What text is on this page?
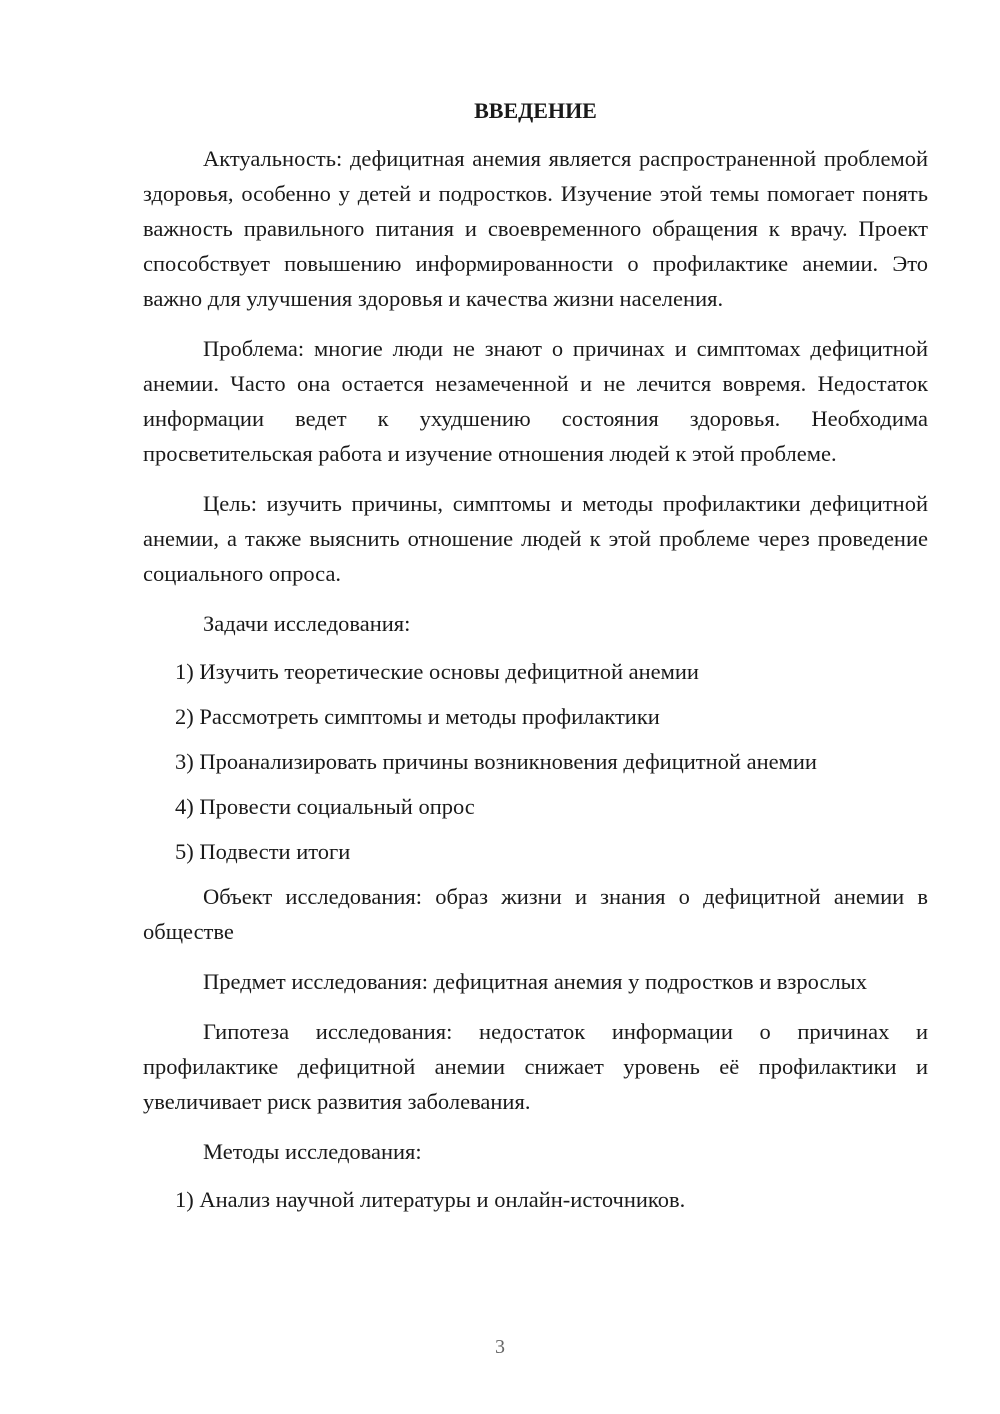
ВВЕДЕНИЕ

Актуальность: дефицитная анемия является распространенной проблемой здоровья, особенно у детей и подростков. Изучение этой темы помогает понять важность правильного питания и своевременного обращения к врачу. Проект способствует повышению информированности о профилактике анемии. Это важно для улучшения здоровья и качества жизни населения.

Проблема: многие люди не знают о причинах и симптомах дефицитной анемии. Часто она остается незамеченной и не лечится вовремя. Недостаток информации ведет к ухудшению состояния здоровья. Необходима просветительская работа и изучение отношения людей к этой проблеме.

Цель: изучить причины, симптомы и методы профилактики дефицитной анемии, а также выяснить отношение людей к этой проблеме через проведение социального опроса.

Задачи исследования:

1) Изучить теоретические основы дефицитной анемии
2) Рассмотреть симптомы и методы профилактики
3) Проанализировать причины возникновения дефицитной анемии
4) Провести социальный опрос
5) Подвести итоги

Объект исследования: образ жизни и знания о дефицитной анемии в обществе

Предмет исследования: дефицитная анемия у подростков и взрослых

Гипотеза исследования: недостаток информации о причинах и профилактике дефицитной анемии снижает уровень её профилактики и увеличивает риск развития заболевания.

Методы исследования:

1) Анализ научной литературы и онлайн-источников.
3
